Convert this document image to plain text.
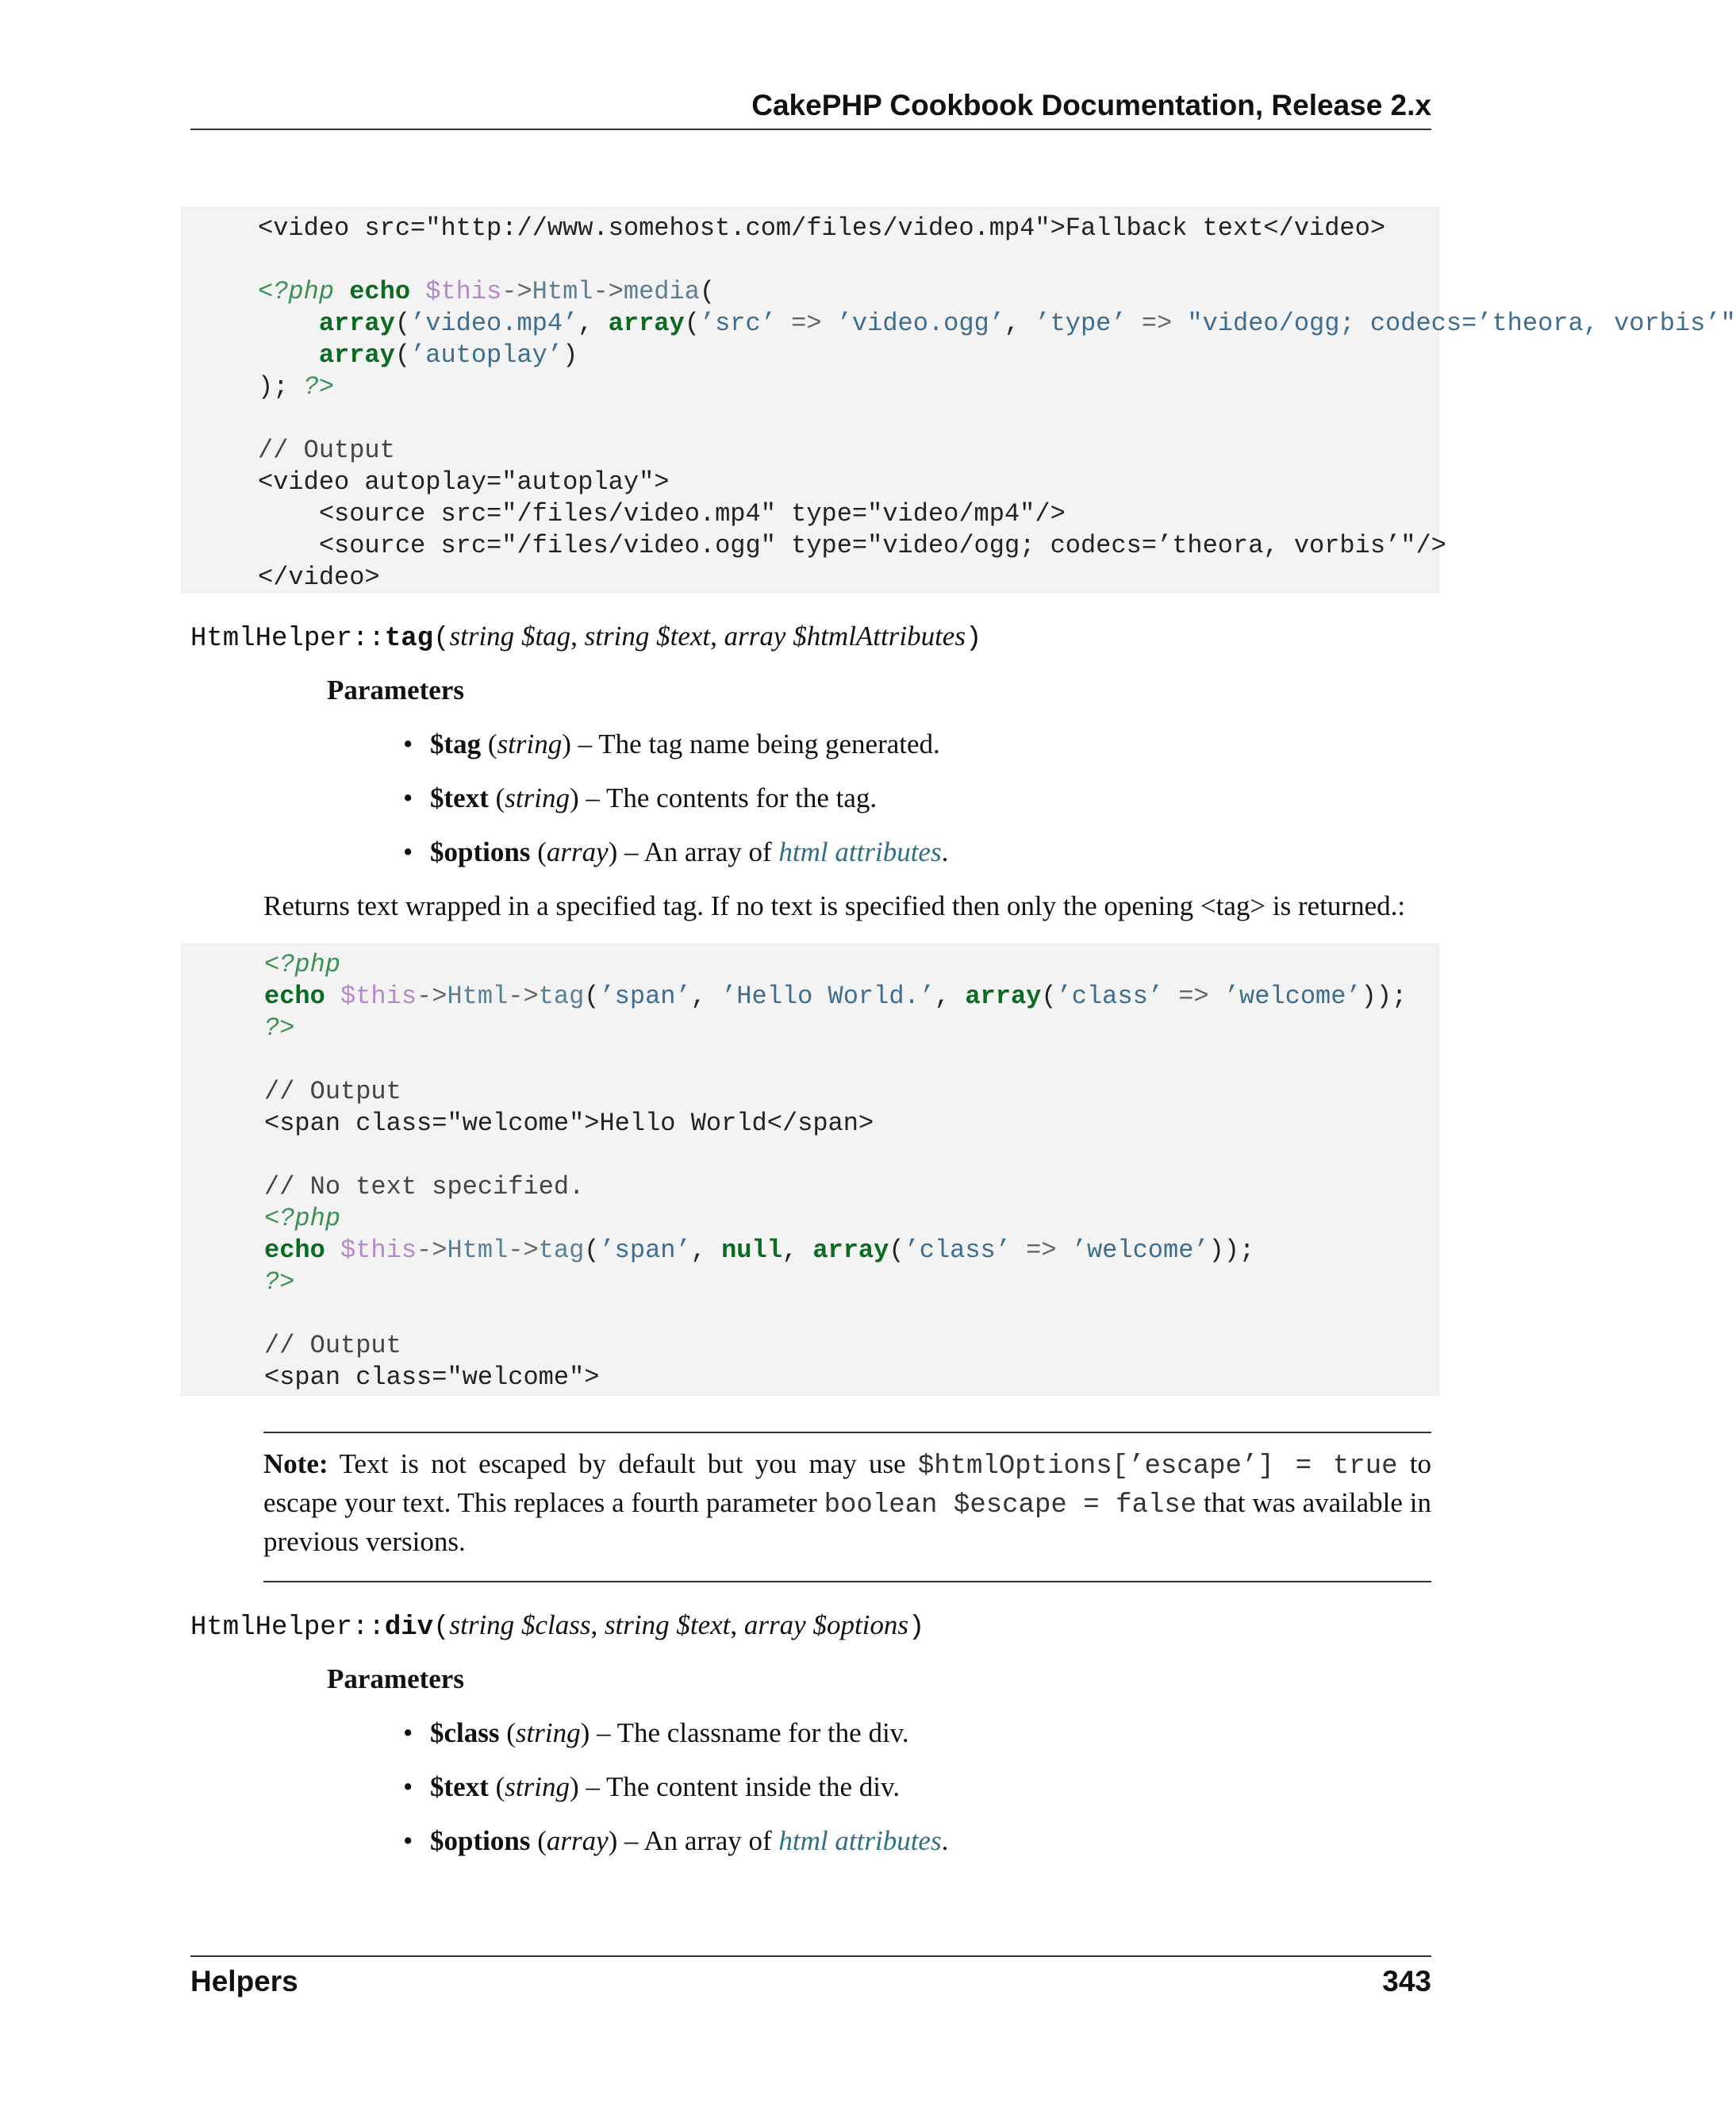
CakePHP Cookbook Documentation, Release 2.x
<video src="http://www.somehost.com/files/video.mp4">Fallback text</video>

<?php echo $this->Html->media(
array(’video.mp4’, array(’src’ => ’video.ogg’, ’type’ => "video/ogg; codecs=’theora, vorbis’"
array(’autoplay’)
); ?>

// Output
<video autoplay="autoplay">
<source src="/files/video.mp4" type="video/mp4"/>
<source src="/files/video.ogg" type="video/ogg; codecs=’theora, vorbis’"/>
</video>
HtmlHelper::tag(string $tag, string $text, array $htmlAttributes)
Parameters
• $tag (string) – The tag name being generated.
• $text (string) – The contents for the tag.
• $options (array) – An array of html attributes.
Returns text wrapped in a specified tag. If no text is specified then only the opening <tag> is returned.:
<?php
echo $this->Html->tag(’span’, ’Hello World.’, array(’class’ => ’welcome’));
?>

// Output
<span class="welcome">Hello World</span>

// No text specified.
<?php
echo $this->Html->tag(’span’, null, array(’class’ => ’welcome’));
?>

// Output
<span class="welcome">
Note: Text is not escaped by default but you may use $htmlOptions[’escape’] = true to escape your text. This replaces a fourth parameter boolean $escape = false that was available in previous versions.
HtmlHelper::div(string $class, string $text, array $options)
Parameters
• $class (string) – The classname for the div.
• $text (string) – The content inside the div.
• $options (array) – An array of html attributes.
Helpers	343
